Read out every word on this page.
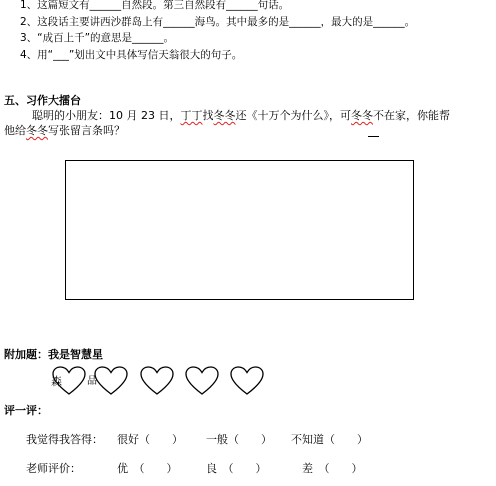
1、这篇短文有______自然段。第三自然段有______句话。
2、这段话主要讲西沙群岛上有______海鸟。其中最多的是______，最大的是______。
3、“成百上千”的意思是______。
4、用“___”划出文中具体写信天翁很大的句子。
五、习作大擂台
聪明的小朋友：10 月 23 日，丁丁找冬冬还《十万个为什么》，可冬冬不在家，你能帮
他给冬冬写张留言条吗？
附加题：我是智慧星
森	品
评一评：
我觉得我答得： 很好（　　） 一般（　　） 不知道（　　）
老师评价：	优　（　　）	良　（　　）	差　（　　）
